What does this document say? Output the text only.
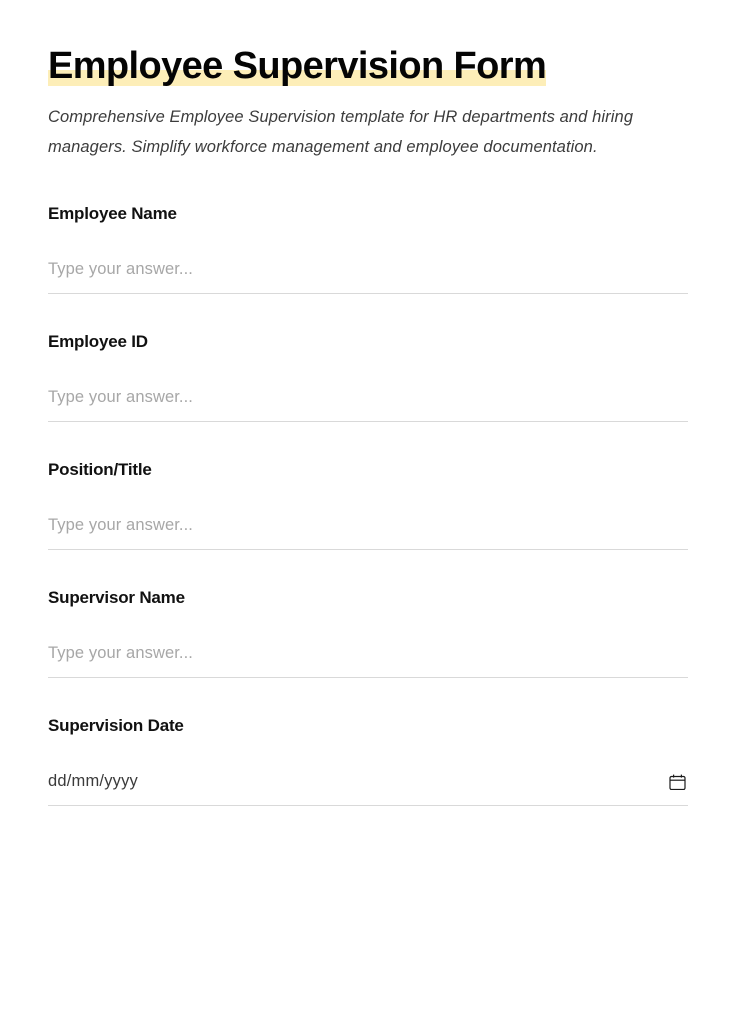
Employee Supervision Form

Comprehensive Employee Supervision template for HR departments and hiring managers. Simplify workforce management and employee documentation.

Employee Name
Type your answer...
Employee ID
Type your answer...
Position/Title
Type your answer...
Supervisor Name
Type your answer...
Supervision Date
dd/mm/yyyy
